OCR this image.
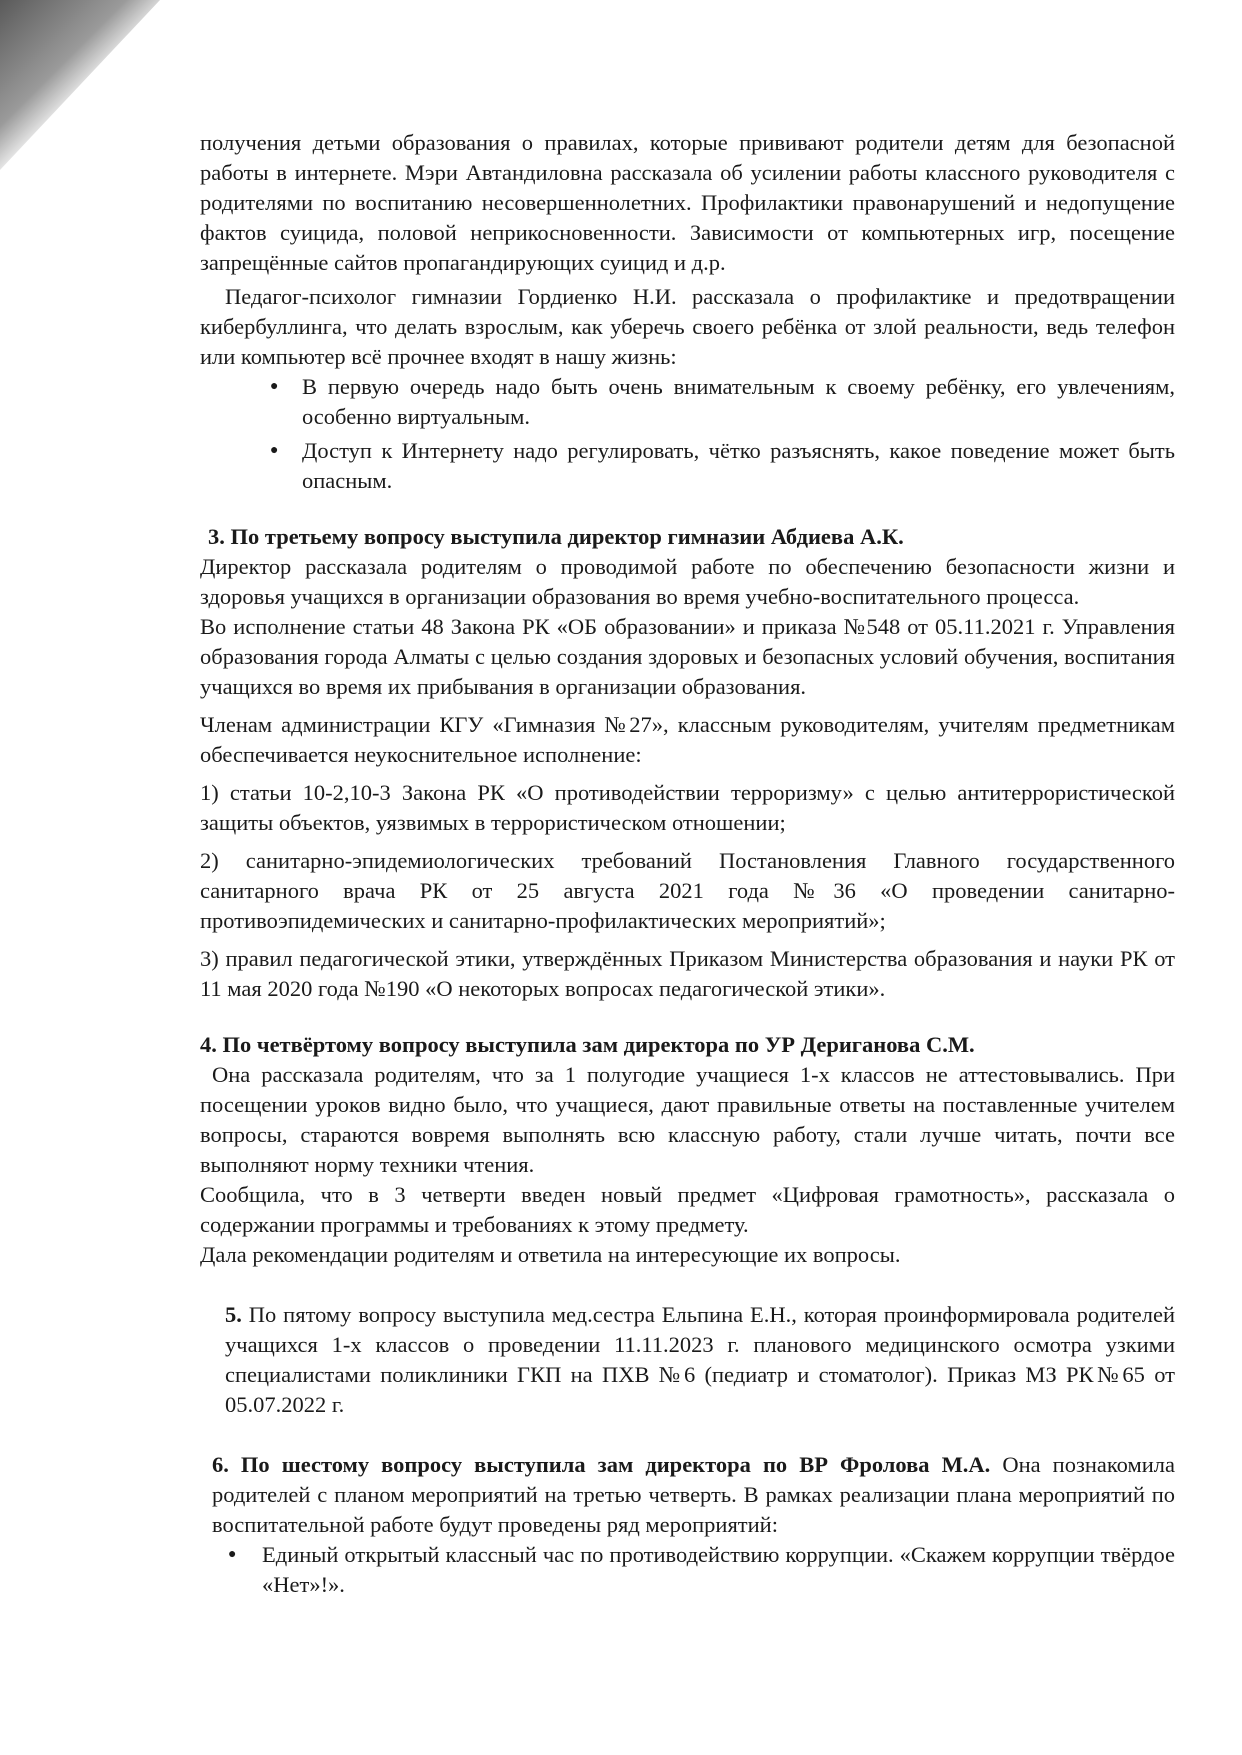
получения детьми образования о правилах, которые прививают родители детям для безопасной работы в интернете. Мэри Автандиловна рассказала об усилении работы классного руководителя с родителями по воспитанию несовершеннолетних. Профилактики правонарушений и недопущение фактов суицида, половой неприкосновенности. Зависимости от компьютерных игр, посещение запрещённые сайтов пропагандирующих суицид и д.р.

Педагог-психолог гимназии Гордиенко Н.И. рассказала о профилактике и предотвращении кибербуллинга, что делать взрослым, как уберечь своего ребёнка от злой реальности, ведь телефон или компьютер всё прочнее входят в нашу жизнь:

● В первую очередь надо быть очень внимательным к своему ребёнку, его увлечениям, особенно виртуальным.
● Доступ к Интернету надо регулировать, чётко разъяснять, какое поведение может быть опасным.

3. По третьему вопросу выступила директор гимназии Абдиева А.К.

Директор рассказала родителям о проводимой работе по обеспечению безопасности жизни и здоровья учащихся в организации образования во время учебно-воспитательного процесса.

Во исполнение статьи 48 Закона РК «ОБ образовании» и приказа №548 от 05.11.2021 г. Управления образования города Алматы с целью создания здоровых и безопасных условий обучения, воспитания учащихся во время их прибывания в организации образования.

Членам администрации КГУ «Гимназия №27», классным руководителям, учителям предметникам обеспечивается неукоснительное исполнение:

1) статьи 10-2,10-3 Закона РК «О противодействии терроризму» с целью антитеррористической защиты объектов, уязвимых в террористическом отношении;

2) санитарно-эпидемиологических требований Постановления Главного государственного санитарного врача РК от 25 августа 2021 года №36 «О проведении санитарно-противоэпидемических и санитарно-профилактических мероприятий»;

3) правил педагогической этики, утверждённых Приказом Министерства образования и науки РК от 11 мая 2020 года №190 «О некоторых вопросах педагогической этики».

4. По четвёртому вопросу выступила зам директора по УР Дериганова С.М.

Она рассказала родителям, что за 1 полугодие учащиеся 1-х классов не аттестовывались. При посещении уроков видно было, что учащиеся, дают правильные ответы на поставленные учителем вопросы, стараются вовремя выполнять всю классную работу, стали лучше читать, почти все выполняют норму техники чтения.

Сообщила, что в 3 четверти введен новый предмет «Цифровая грамотность», рассказала о содержании программы и требованиях к этому предмету.

Дала рекомендации родителям и ответила на интересующие их вопросы.

5. По пятому вопросу выступила мед.сестра Ельпина Е.Н., которая проинформировала родителей учащихся 1-х классов о проведении 11.11.2023 г. планового медицинского осмотра узкими специалистами поликлиники ГКП на ПХВ №6 (педиатр и стоматолог). Приказ МЗ РК№65 от 05.07.2022 г.

6. По шестому вопросу выступила зам директора по ВР Фролова М.А. Она познакомила родителей с планом мероприятий на третью четверть. В рамках реализации плана мероприятий по воспитательной работе будут проведены ряд мероприятий:

● Единый открытый классный час по противодействию коррупции. «Скажем коррупции твёрдое «Нет»!».
